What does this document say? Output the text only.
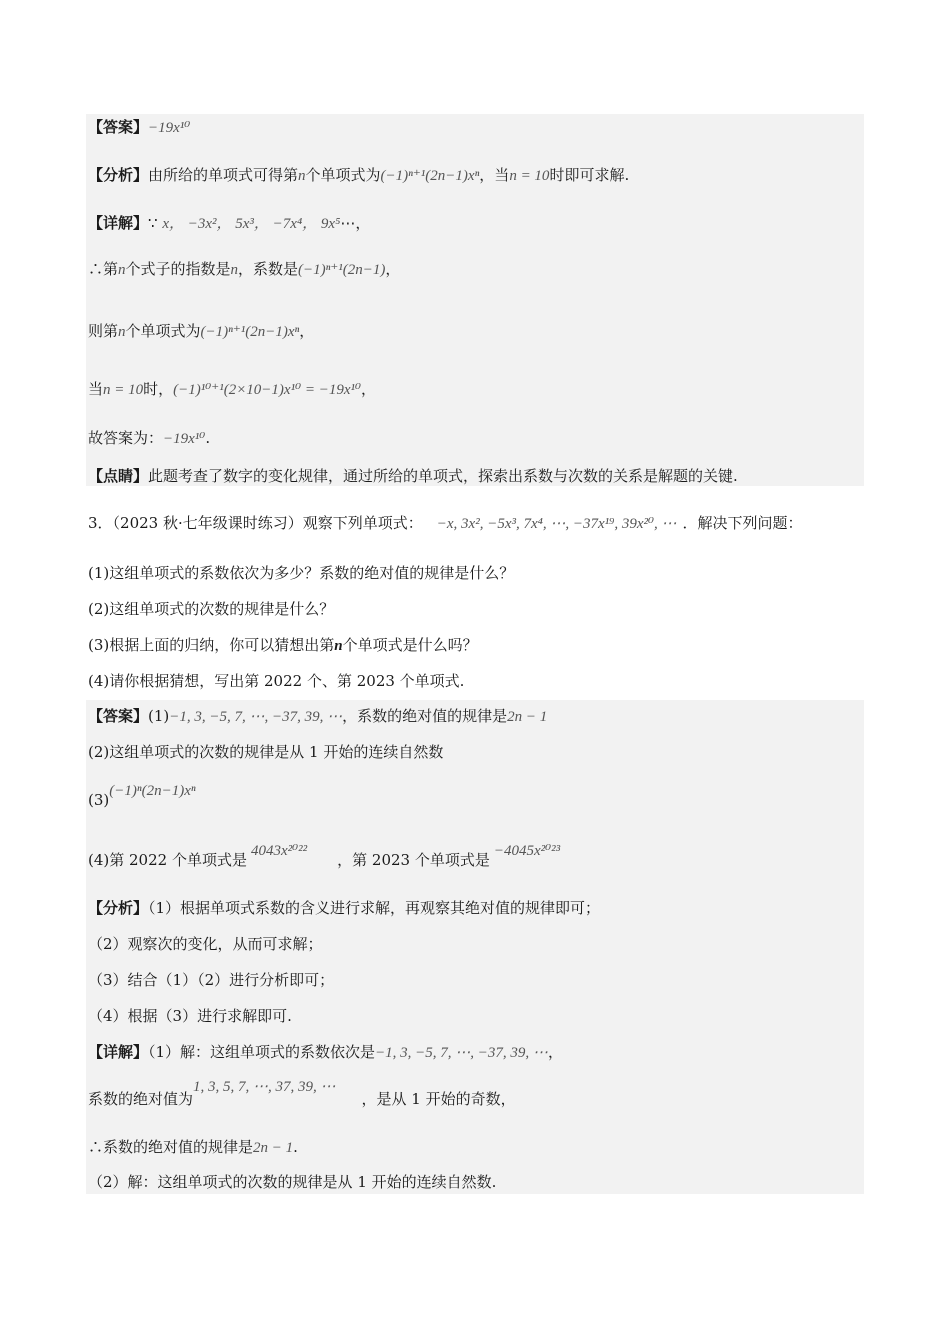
【答案】−19x¹⁰
【分析】由所给的单项式可得第n个单项式为(−1)ⁿ⁺¹(2n−1)xⁿ，当n = 10时即可求解.
【详解】∵ x， −3x²， 5x³， −7x⁴， 9x⁵⋯，
∴第n个式子的指数是n，系数是(−1)ⁿ⁺¹(2n−1)，
则第n个单项式为(−1)ⁿ⁺¹(2n−1)xⁿ，
当n = 10时，(−1)¹⁰⁺¹(2×10−1)x¹⁰ = −19x¹⁰，
故答案为：−19x¹⁰.
【点睛】此题考查了数字的变化规律，通过所给的单项式，探索出系数与次数的关系是解题的关键.
3．（2023 秋·七年级课时练习）观察下列单项式： −x, 3x², −5x³, 7x⁴, ⋯, −37x¹⁹, 39x²⁰, ⋯ ．解决下列问题：
(1)这组单项式的系数依次为多少？系数的绝对值的规律是什么？
(2)这组单项式的次数的规律是什么？
(3)根据上面的归纳，你可以猜想出第n个单项式是什么吗？
(4)请你根据猜想，写出第 2022 个、第 2023 个单项式.
【答案】(1)−1, 3, −5, 7, ⋯, −37, 39, ⋯，系数的绝对值的规律是2n − 1
(2)这组单项式的次数的规律是从 1 开始的连续自然数
(3)(−1)ⁿ(2n−1)xⁿ
(4)第 2022 个单项式是 4043x²⁰²² ，第 2023 个单项式是 −4045x²⁰²³
【分析】（1）根据单项式系数的含义进行求解，再观察其绝对值的规律即可；
（2）观察次的变化，从而可求解；
（3）结合（1）（2）进行分析即可；
（4）根据（3）进行求解即可.
【详解】（1）解：这组单项式的系数依次是−1, 3, −5, 7, ⋯, −37, 39, ⋯，
系数的绝对值为1, 3, 5, 7, ⋯, 37, 39, ⋯，是从 1 开始的奇数，
∴系数的绝对值的规律是2n − 1.
（2）解：这组单项式的次数的规律是从 1 开始的连续自然数.
